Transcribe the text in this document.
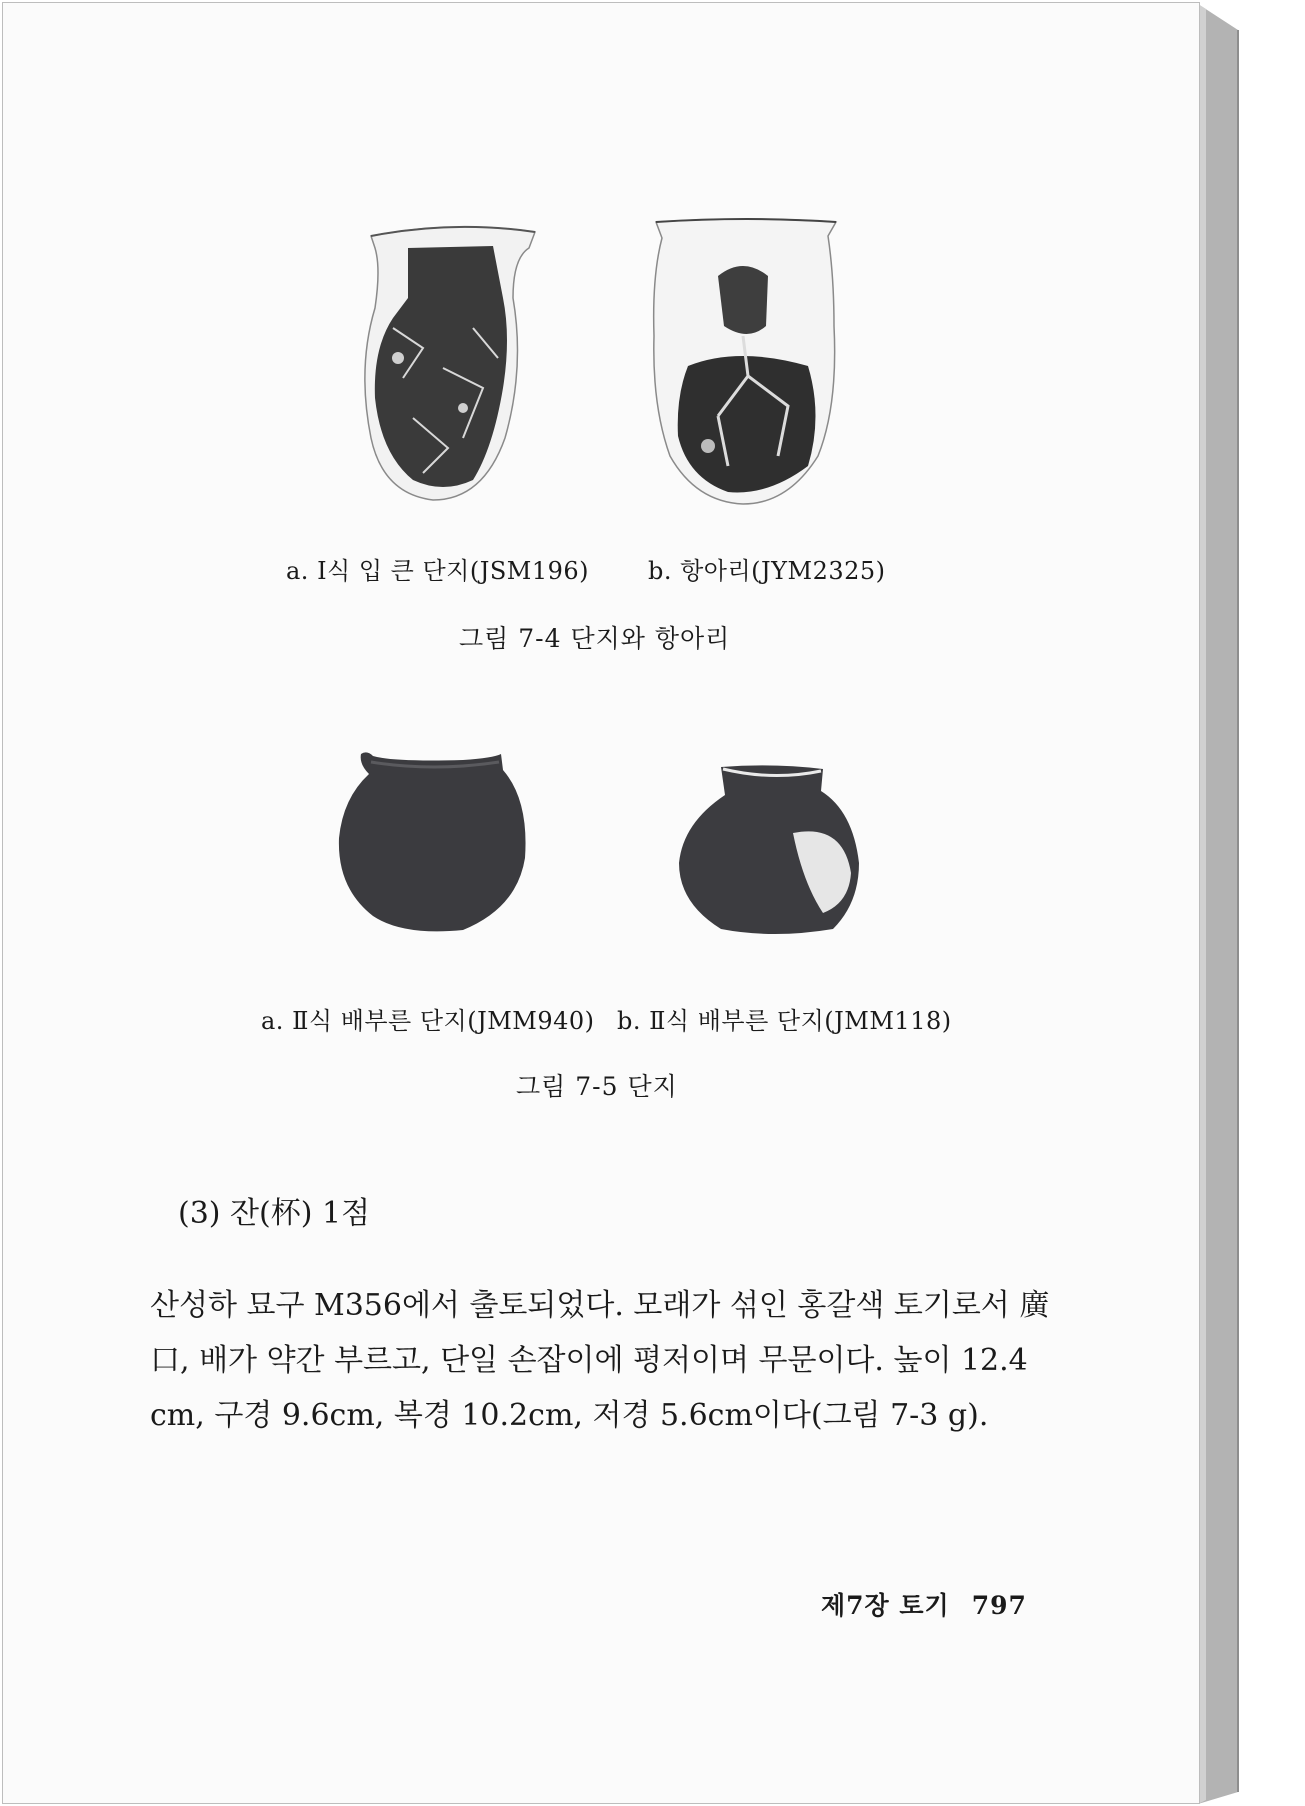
a. Ⅰ식 입 큰 단지(JSM196) b. 항아리(JYM2325)
그림 7-4 단지와 항아리
a. Ⅱ식 배부른 단지(JMM940) b. Ⅱ식 배부른 단지(JMM118)
그림 7-5 단지
(3) 잔(杯) 1점
산성하 묘구 M356에서 출토되었다. 모래가 섞인 홍갈색 토기로서 廣
口, 배가 약간 부르고, 단일 손잡이에 평저이며 무문이다. 높이 12.4
cm, 구경 9.6cm, 복경 10.2cm, 저경 5.6cm이다(그림 7-3 g).
제7장 토기 797
